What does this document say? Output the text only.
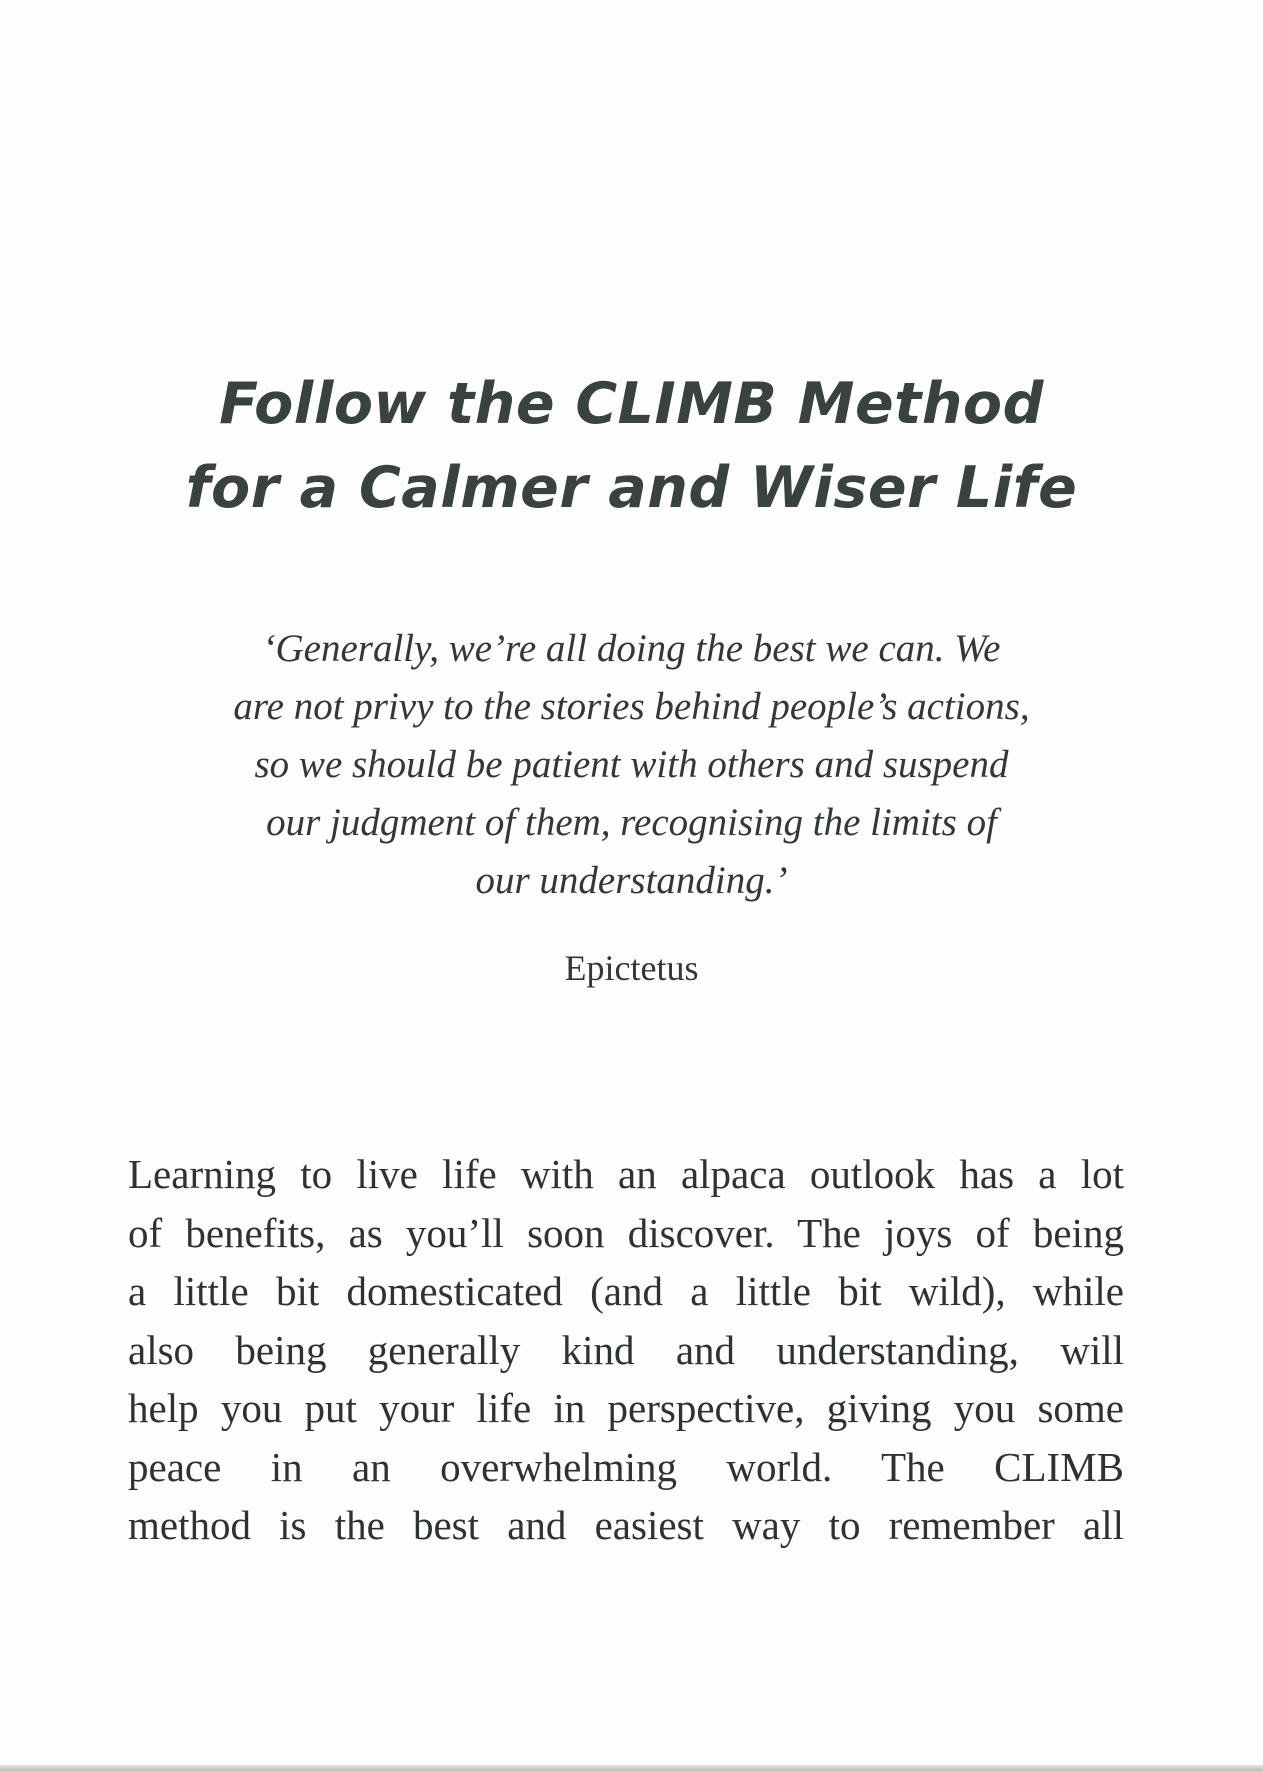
Follow the CLIMB Method
for a Calmer and Wiser Life
‘Generally, we’re all doing the best we can. We
are not privy to the stories behind people’s actions,
so we should be patient with others and suspend
our judgment of them, recognising the limits of
our understanding.’
Epictetus
Learning to live life with an alpaca outlook has a lot
of benefits, as you’ll soon discover. The joys of being
a little bit domesticated (and a little bit wild), while
also being generally kind and understanding, will
help you put your life in perspective, giving you some
peace in an overwhelming world. The CLIMB
method is the best and easiest way to remember all
